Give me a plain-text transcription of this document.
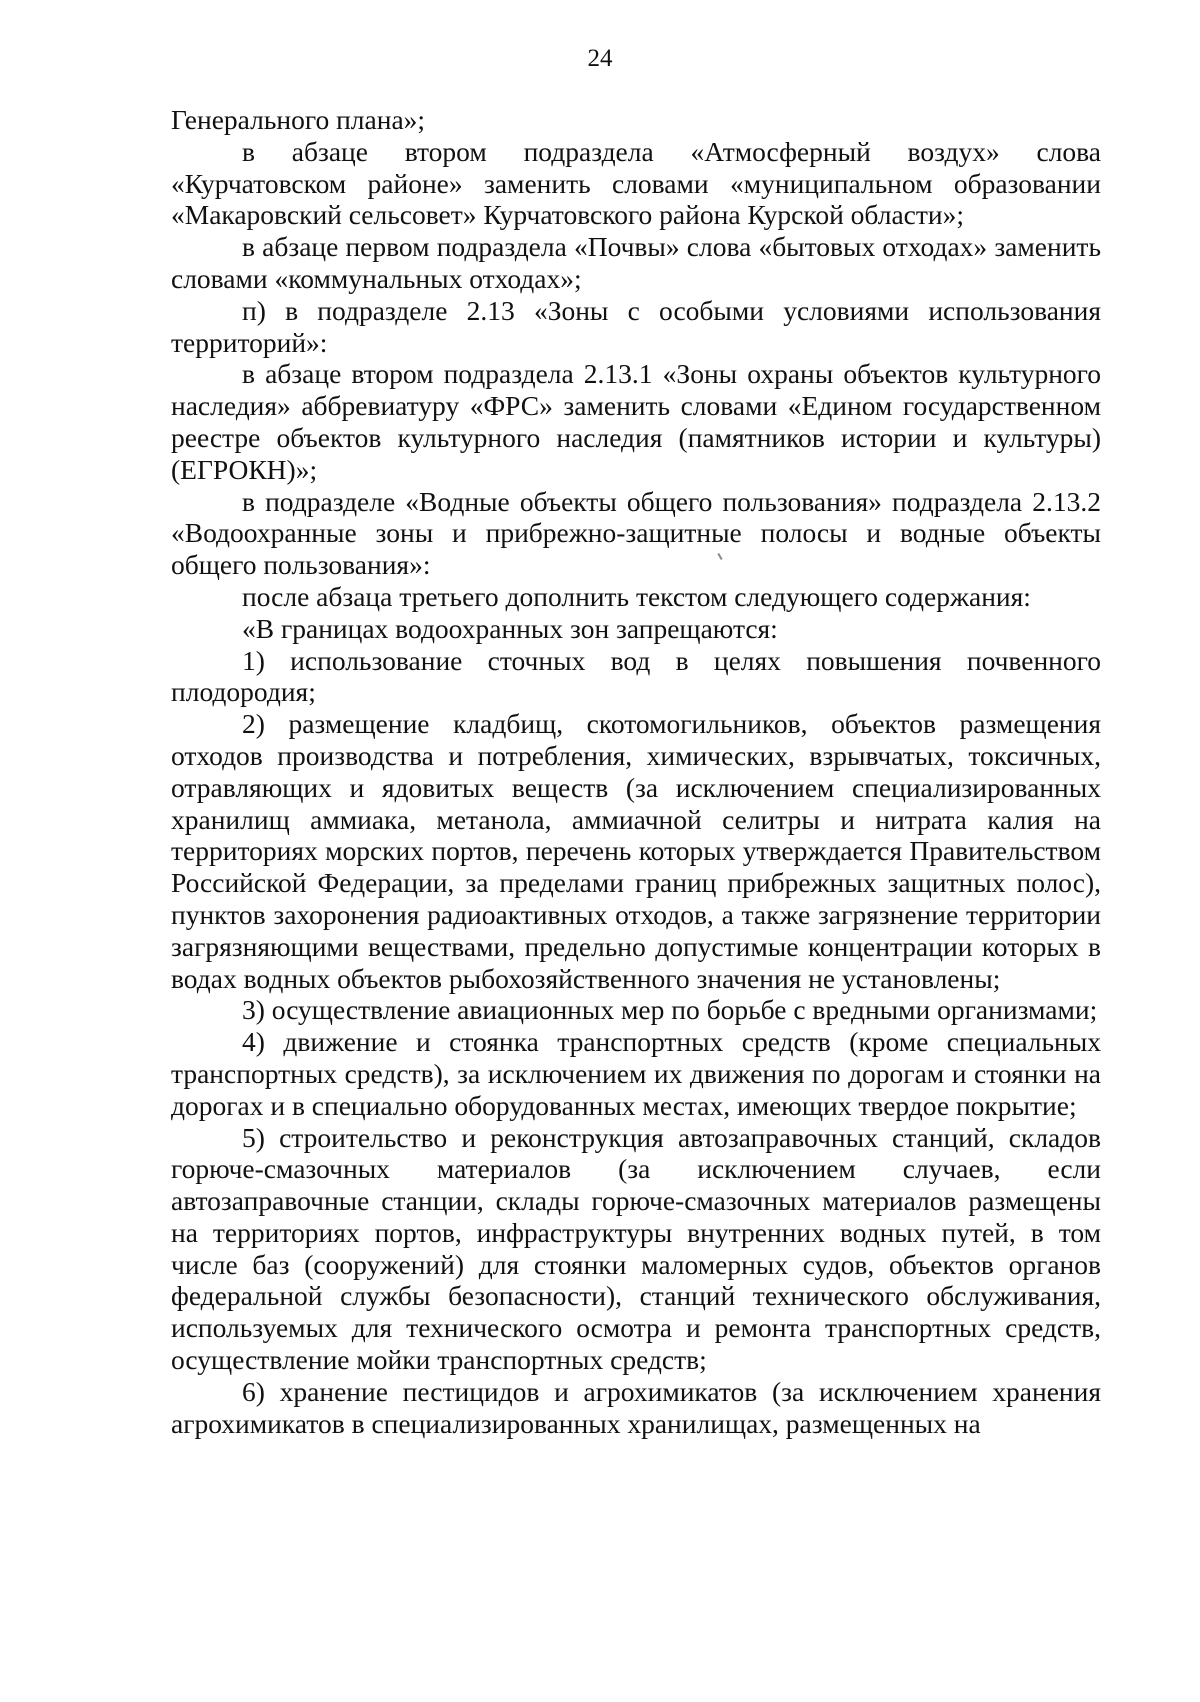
24

Генерального плана»;

в абзаце втором подраздела «Атмосферный воздух» слова «Курчатовском районе» заменить словами «муниципальном образовании «Макаровский сельсовет» Курчатовского района Курской области»;

в абзаце первом подраздела «Почвы» слова «бытовых отходах» заменить словами «коммунальных отходах»;

п) в подразделе 2.13 «Зоны с особыми условиями использования территорий»:

в абзаце втором подраздела 2.13.1 «Зоны охраны объектов культурного наследия» аббревиатуру «ФРС» заменить словами «Едином государственном реестре объектов культурного наследия (памятников истории и культуры) (ЕГРОКН)»;

в подразделе «Водные объекты общего пользования» подраздела 2.13.2 «Водоохранные зоны и прибрежно-защитные полосы и водные объекты общего пользования»:

после абзаца третьего дополнить текстом следующего содержания:

«В границах водоохранных зон запрещаются:

1) использование сточных вод в целях повышения почвенного плодородия;

2) размещение кладбищ, скотомогильников, объектов размещения отходов производства и потребления, химических, взрывчатых, токсичных, отравляющих и ядовитых веществ (за исключением специализированных хранилищ аммиака, метанола, аммиачной селитры и нитрата калия на территориях морских портов, перечень которых утверждается Правительством Российской Федерации, за пределами границ прибрежных защитных полос), пунктов захоронения радиоактивных отходов, а также загрязнение территории загрязняющими веществами, предельно допустимые концентрации которых в водах водных объектов рыбохозяйственного значения не установлены;

3) осуществление авиационных мер по борьбе с вредными организмами;

4) движение и стоянка транспортных средств (кроме специальных транспортных средств), за исключением их движения по дорогам и стоянки на дорогах и в специально оборудованных местах, имеющих твердое покрытие;

5) строительство и реконструкция автозаправочных станций, складов горюче-смазочных материалов (за исключением случаев, если автозаправочные станции, склады горюче-смазочных материалов размещены на территориях портов, инфраструктуры внутренних водных путей, в том числе баз (сооружений) для стоянки маломерных судов, объектов органов федеральной службы безопасности), станций технического обслуживания, используемых для технического осмотра и ремонта транспортных средств, осуществление мойки транспортных средств;

6) хранение пестицидов и агрохимикатов (за исключением хранения агрохимикатов в специализированных хранилищах, размещенных на
